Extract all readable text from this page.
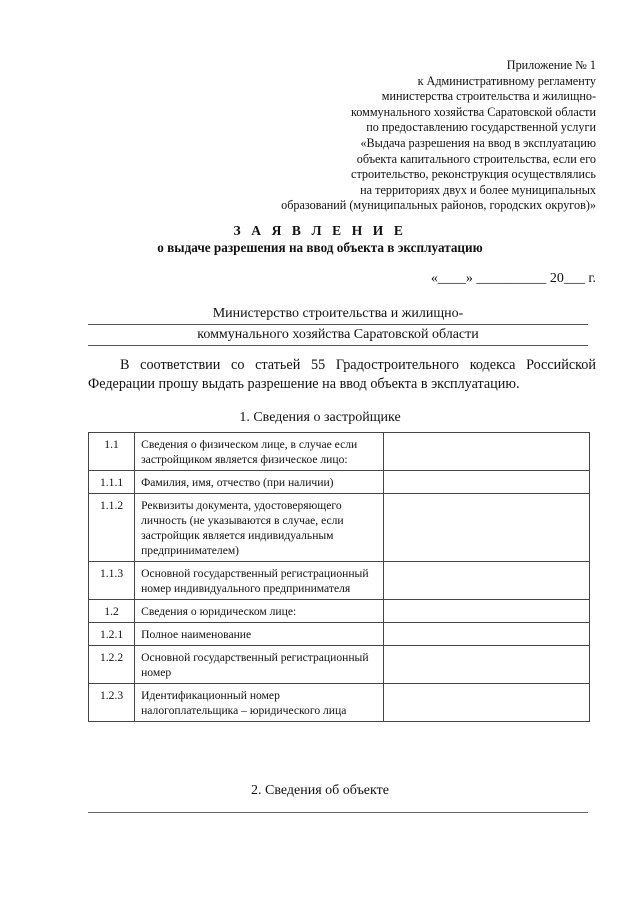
Приложение № 1
к Административному регламенту
министерства строительства и жилищно-
коммунального хозяйства Саратовской области
по предоставлению государственной услуги
«Выдача разрешения на ввод в эксплуатацию
объекта капитального строительства, если его
строительство, реконструкция осуществлялись
на территориях двух и более муниципальных
образований (муниципальных районов, городских округов)»
З А Я В Л Е Н И Е
о выдаче разрешения на ввод объекта в эксплуатацию
«____» __________ 20___ г.
Министерство строительства и жилищно-
коммунального хозяйства Саратовской области
В соответствии со статьей 55 Градостроительного кодекса Российской Федерации прошу выдать разрешение на ввод объекта в эксплуатацию.
1. Сведения о застройщике
1.1	Сведения о физическом лице, в случае если застройщиком является физическое лицо:	
1.1.1	Фамилия, имя, отчество (при наличии)	
1.1.2	Реквизиты документа, удостоверяющего личность (не указываются в случае, если застройщик является индивидуальным предпринимателем)	
1.1.3	Основной государственный регистрационный номер индивидуального предпринимателя	
1.2	Сведения о юридическом лице:	
1.2.1	Полное наименование	
1.2.2	Основной государственный регистрационный номер	
1.2.3	Идентификационный номер налогоплательщика – юридического лица	
2. Сведения об объекте
